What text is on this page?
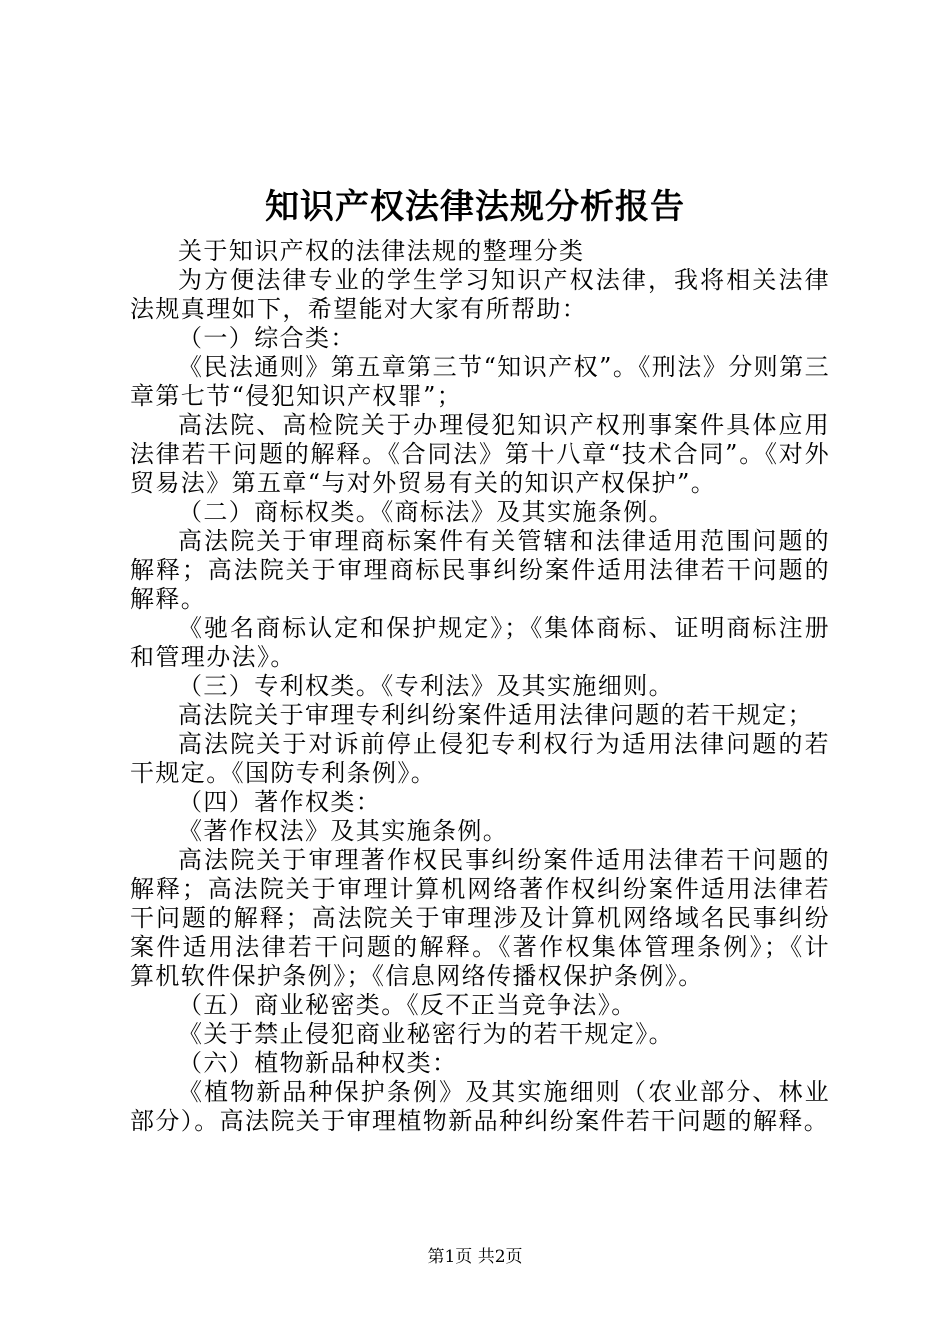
知识产权法律法规分析报告

关于知识产权的法律法规的整理分类

为方便法律专业的学生学习知识产权法律，我将相关法律法规真理如下，希望能对大家有所帮助：

（一）综合类：

《民法通则》第五章第三节“知识产权”。《刑法》分则第三章第七节“侵犯知识产权罪”；

高法院、高检院关于办理侵犯知识产权刑事案件具体应用法律若干问题的解释。《合同法》第十八章“技术合同”。《对外贸易法》第五章“与对外贸易有关的知识产权保护”。

（二）商标权类。《商标法》及其实施条例。

高法院关于审理商标案件有关管辖和法律适用范围问题的解释；高法院关于审理商标民事纠纷案件适用法律若干问题的解释。

《驰名商标认定和保护规定》；《集体商标、证明商标注册和管理办法》。

（三）专利权类。《专利法》及其实施细则。

高法院关于审理专利纠纷案件适用法律问题的若干规定；

高法院关于对诉前停止侵犯专利权行为适用法律问题的若干规定。《国防专利条例》。

（四）著作权类：

《著作权法》及其实施条例。

高法院关于审理著作权民事纠纷案件适用法律若干问题的解释；高法院关于审理计算机网络著作权纠纷案件适用法律若干问题的解释；高法院关于审理涉及计算机网络域名民事纠纷案件适用法律若干问题的解释。《著作权集体管理条例》；《计算机软件保护条例》；《信息网络传播权保护条例》。

（五）商业秘密类。《反不正当竞争法》。

《关于禁止侵犯商业秘密行为的若干规定》。

（六）植物新品种权类：

《植物新品种保护条例》及其实施细则（农业部分、林业部分）。高法院关于审理植物新品种纠纷案件若干问题的解释。

第1页 共2页
